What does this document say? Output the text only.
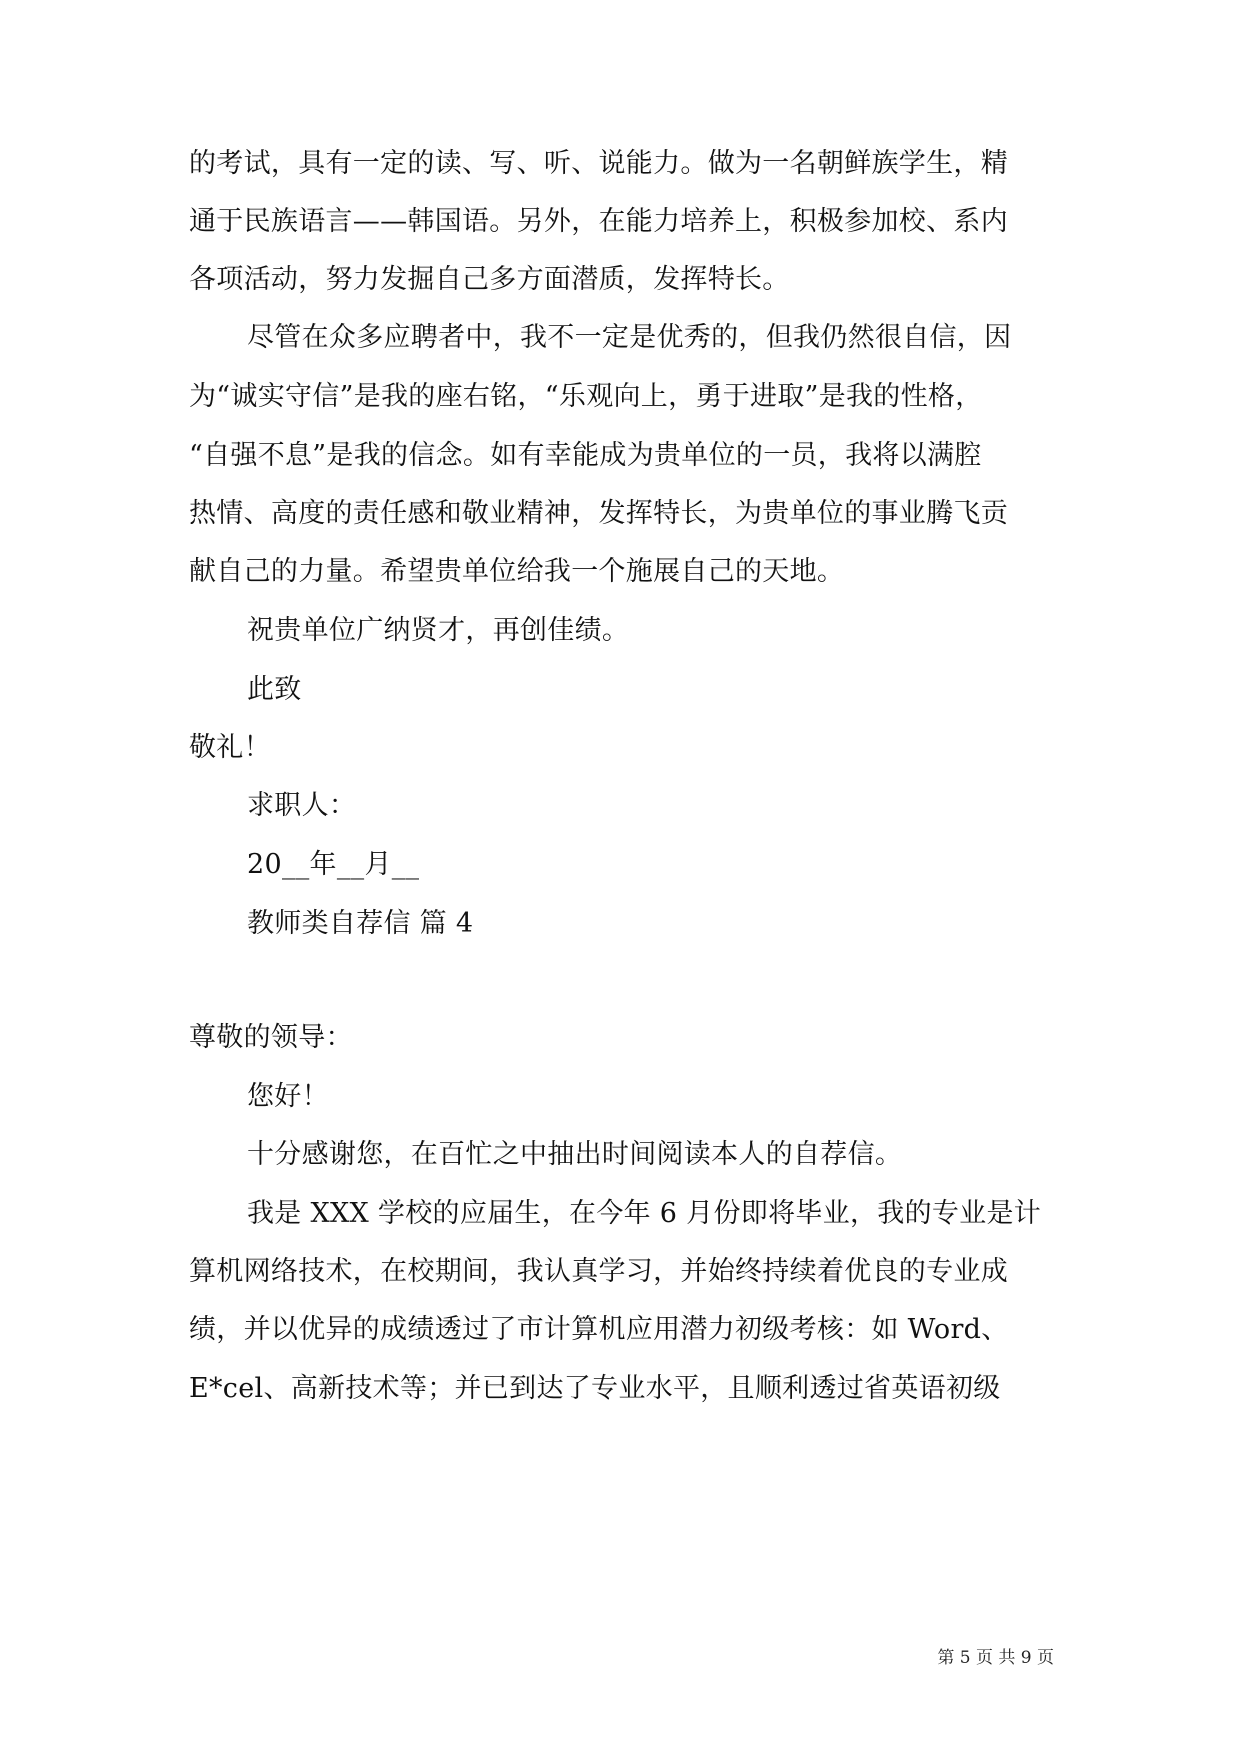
的考试，具有一定的读、写、听、说能力。做为一名朝鲜族学生，精
通于民族语言——韩国语。另外，在能力培养上，积极参加校、系内
各项活动，努力发掘自己多方面潜质，发挥特长。
尽管在众多应聘者中，我不一定是优秀的，但我仍然很自信，因
为“诚实守信”是我的座右铭，“乐观向上，勇于进取”是我的性格，
“自强不息”是我的信念。如有幸能成为贵单位的一员，我将以满腔
热情、高度的责任感和敬业精神，发挥特长，为贵单位的事业腾飞贡
献自己的力量。希望贵单位给我一个施展自己的天地。
祝贵单位广纳贤才，再创佳绩。
此致
敬礼！
求职人：
20__年__月__
教师类自荐信 篇 4
尊敬的领导：
您好！
十分感谢您，在百忙之中抽出时间阅读本人的自荐信。
我是 XXX 学校的应届生，在今年 6 月份即将毕业，我的专业是计
算机网络技术，在校期间，我认真学习，并始终持续着优良的专业成
绩，并以优异的成绩透过了市计算机应用潜力初级考核：如 Word、
E*cel、高新技术等；并已到达了专业水平，且顺利透过省英语初级
第 5 页 共 9 页
